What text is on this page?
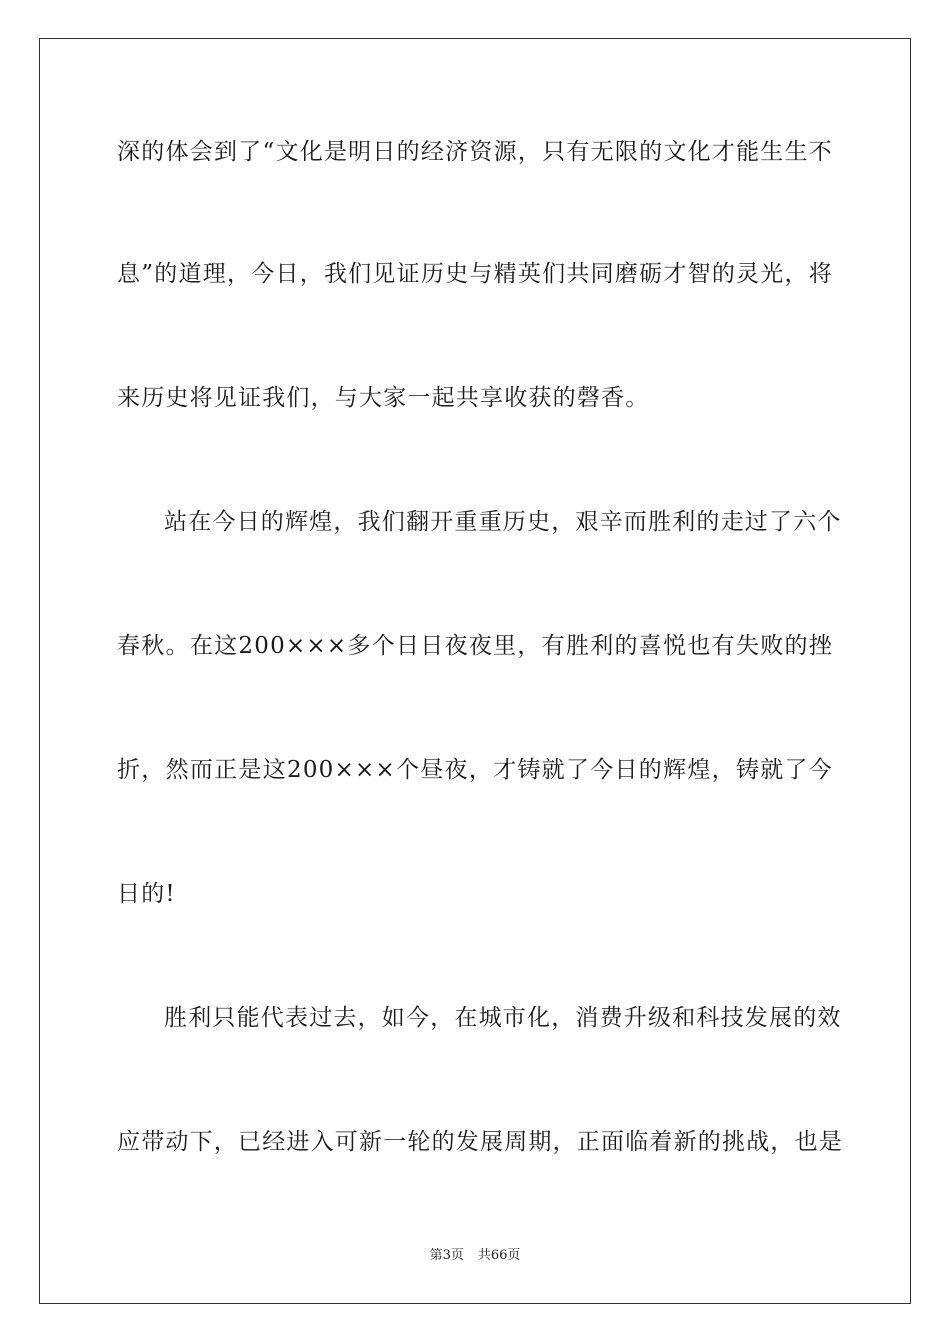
深的体会到了“文化是明日的经济资源，只有无限的文化才能生生不
息”的道理，今日，我们见证历史与精英们共同磨砺才智的灵光，将
来历史将见证我们，与大家一起共享收获的磬香。
站在今日的辉煌，我们翻开重重历史，艰辛而胜利的走过了六个
春秋。在这200×××多个日日夜夜里，有胜利的喜悦也有失败的挫
折，然而正是这200×××个昼夜，才铸就了今日的辉煌，铸就了今
日的!
胜利只能代表过去，如今，在城市化，消费升级和科技发展的效
应带动下，已经进入可新一轮的发展周期，正面临着新的挑战，也是
第3页 共66页
